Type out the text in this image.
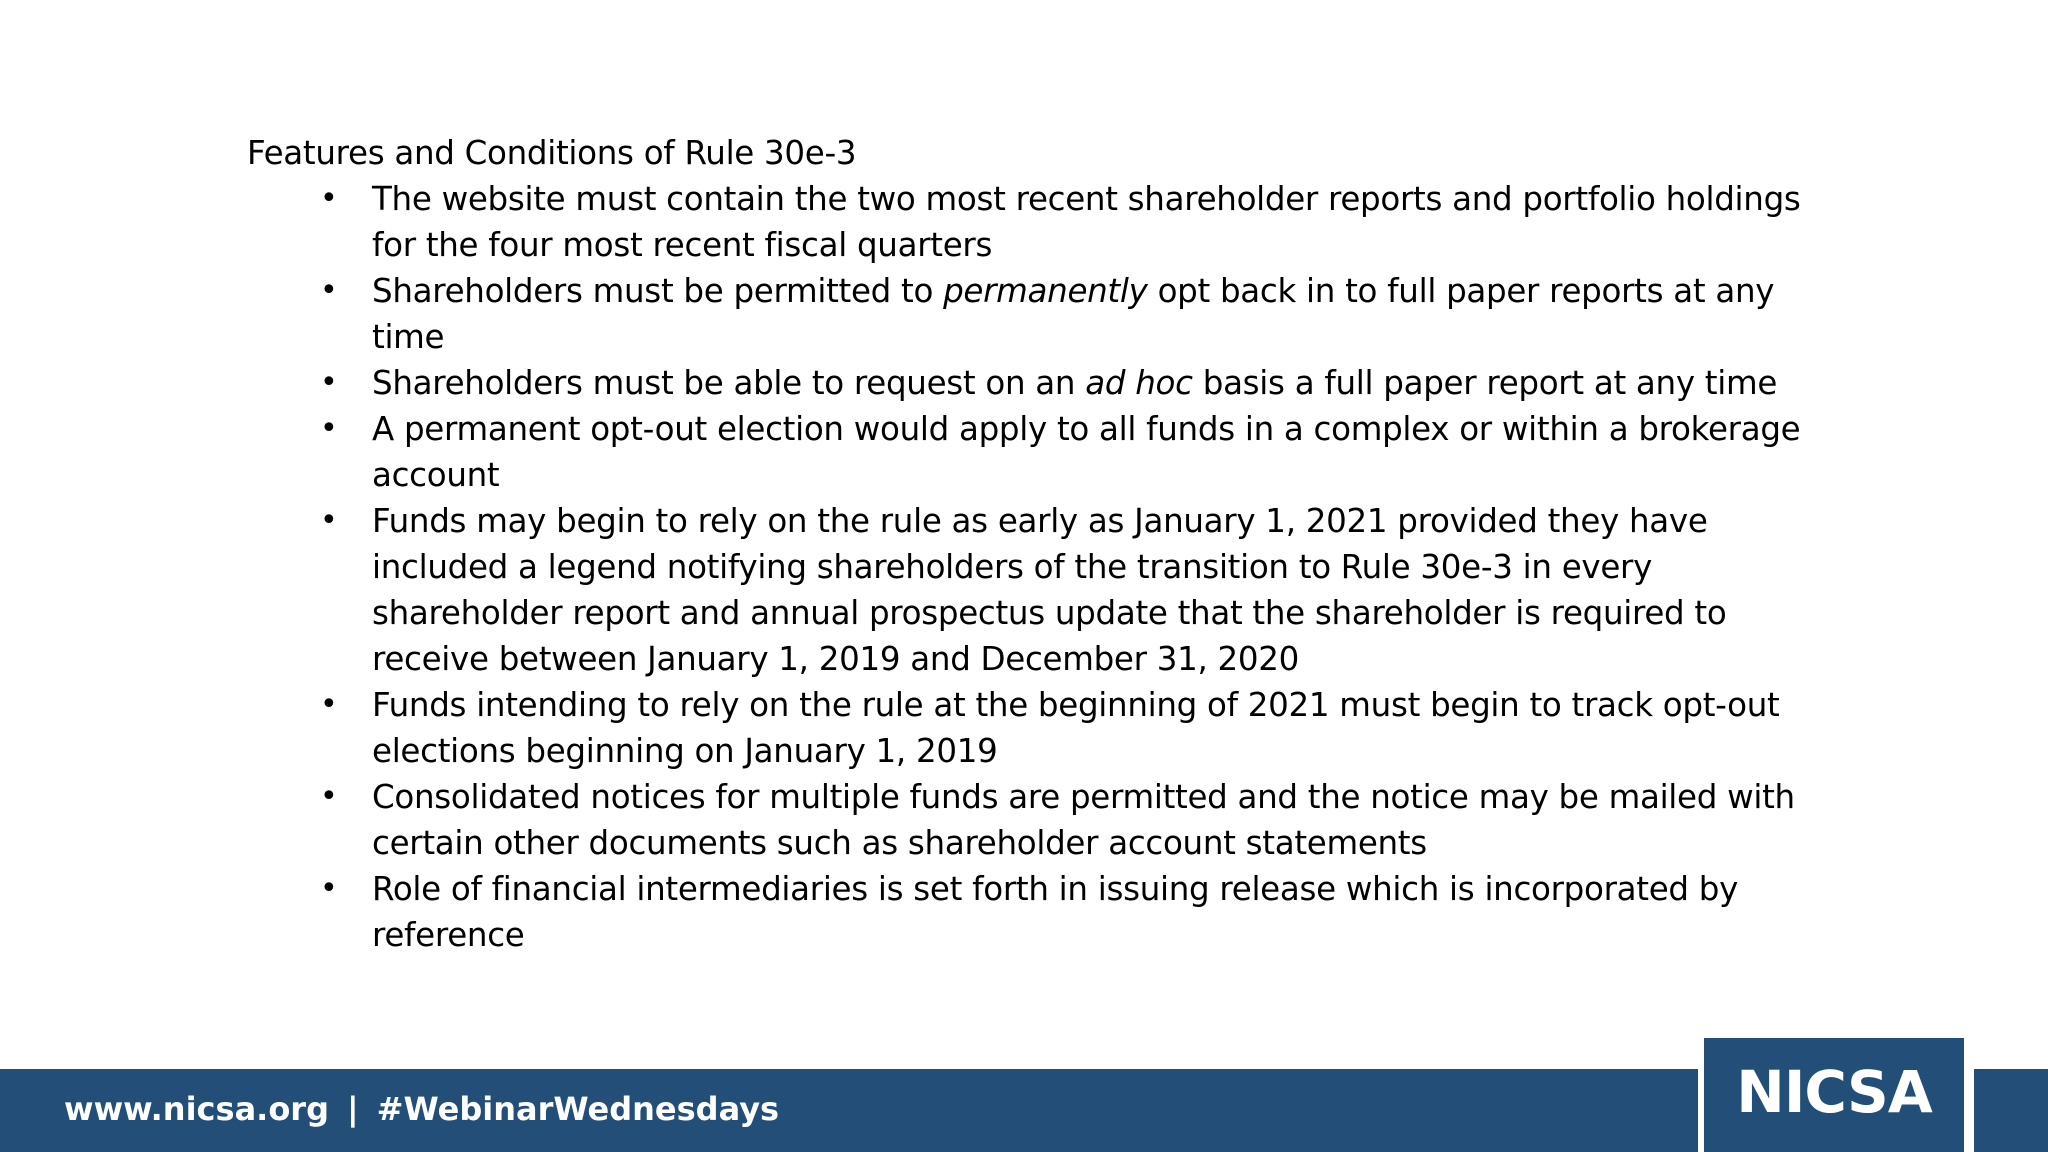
Features and Conditions of Rule 30e-3

• The website must contain the two most recent shareholder reports and portfolio holdings for the four most recent fiscal quarters
• Shareholders must be permitted to permanently opt back in to full paper reports at any time
• Shareholders must be able to request on an ad hoc basis a full paper report at any time
• A permanent opt-out election would apply to all funds in a complex or within a brokerage account
• Funds may begin to rely on the rule as early as January 1, 2021 provided they have included a legend notifying shareholders of the transition to Rule 30e-3 in every shareholder report and annual prospectus update that the shareholder is required to receive between January 1, 2019 and December 31, 2020
• Funds intending to rely on the rule at the beginning of 2021 must begin to track opt-out elections beginning on January 1, 2019
• Consolidated notices for multiple funds are permitted and the notice may be mailed with certain other documents such as shareholder account statements
• Role of financial intermediaries is set forth in issuing release which is incorporated by reference
www.nicsa.org | #WebinarWednesdays	NICSA
